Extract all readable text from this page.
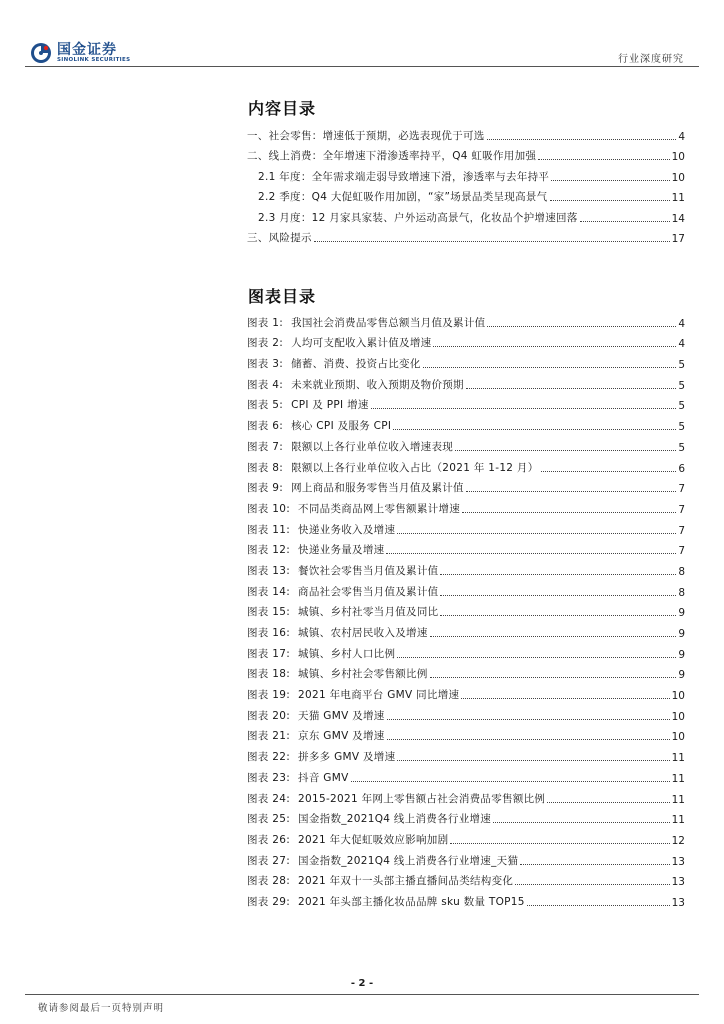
国金证券
SINOLINK SECURITIES	行业深度研究
内容目录
一、社会零售：增速低于预期，必选表现优于可选	4
二、线上消费：全年增速下滑渗透率持平，Q4 虹吸作用加强	10
2.1 年度：全年需求端走弱导致增速下滑，渗透率与去年持平	10
2.2 季度：Q4 大促虹吸作用加剧，“家”场景品类呈现高景气	11
2.3 月度：12 月家具家装、户外运动高景气，化妆品个护增速回落	14
三、风险提示	17
图表目录
图表 1: 我国社会消费品零售总额当月值及累计值	4
图表 2: 人均可支配收入累计值及增速	4
图表 3: 储蓄、消费、投资占比变化	5
图表 4: 未来就业预期、收入预期及物价预期	5
图表 5: CPI 及 PPI 增速	5
图表 6: 核心 CPI 及服务 CPI	5
图表 7: 限额以上各行业单位收入增速表现	5
图表 8: 限额以上各行业单位收入占比（2021 年 1-12 月）	6
图表 9: 网上商品和服务零售当月值及累计值	7
图表 10: 不同品类商品网上零售额累计增速	7
图表 11: 快递业务收入及增速	7
图表 12: 快递业务量及增速	7
图表 13: 餐饮社会零售当月值及累计值	8
图表 14: 商品社会零售当月值及累计值	8
图表 15: 城镇、乡村社零当月值及同比	9
图表 16: 城镇、农村居民收入及增速	9
图表 17: 城镇、乡村人口比例	9
图表 18: 城镇、乡村社会零售额比例	9
图表 19: 2021 年电商平台 GMV 同比增速	10
图表 20: 天猫 GMV 及增速	10
图表 21: 京东 GMV 及增速	10
图表 22: 拼多多 GMV 及增速	11
图表 23: 抖音 GMV	11
图表 24: 2015-2021 年网上零售额占社会消费品零售额比例	11
图表 25: 国金指数_2021Q4 线上消费各行业增速	11
图表 26: 2021 年大促虹吸效应影响加剧	12
图表 27: 国金指数_2021Q4 线上消费各行业增速_天猫	13
图表 28: 2021 年双十一头部主播直播间品类结构变化	13
图表 29: 2021 年头部主播化妆品品牌 sku 数量 TOP15	13
- 2 -
敬请参阅最后一页特别声明
